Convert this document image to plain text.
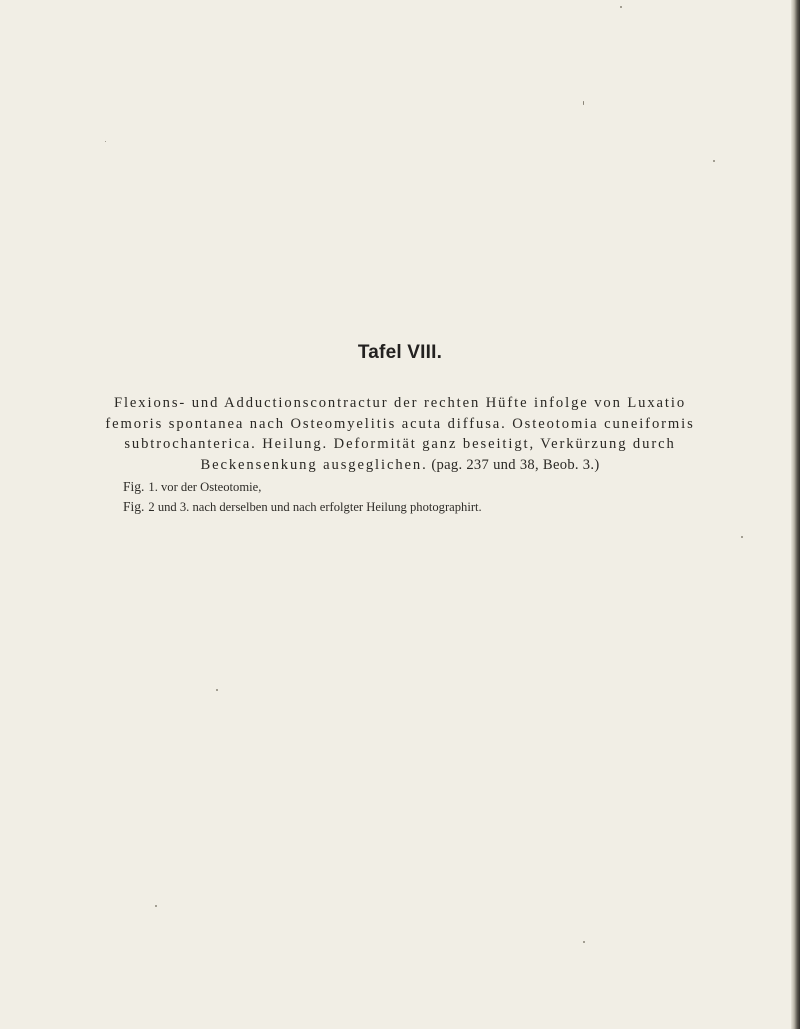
Tafel VIII.
Flexions- und Adductionscontractur der rechten Hüfte infolge von Luxatio
femoris spontanea nach Osteomyelitis acuta diffusa. Osteotomia cuneiformis
subtrochanterica. Heilung. Deformität ganz beseitigt, Verkürzung durch
Beckensenkung ausgeglichen. (pag. 237 und 38, Beob. 3.)
Fig. 1. vor der Osteotomie,
Fig. 2 und 3. nach derselben und nach erfolgter Heilung photographirt.
